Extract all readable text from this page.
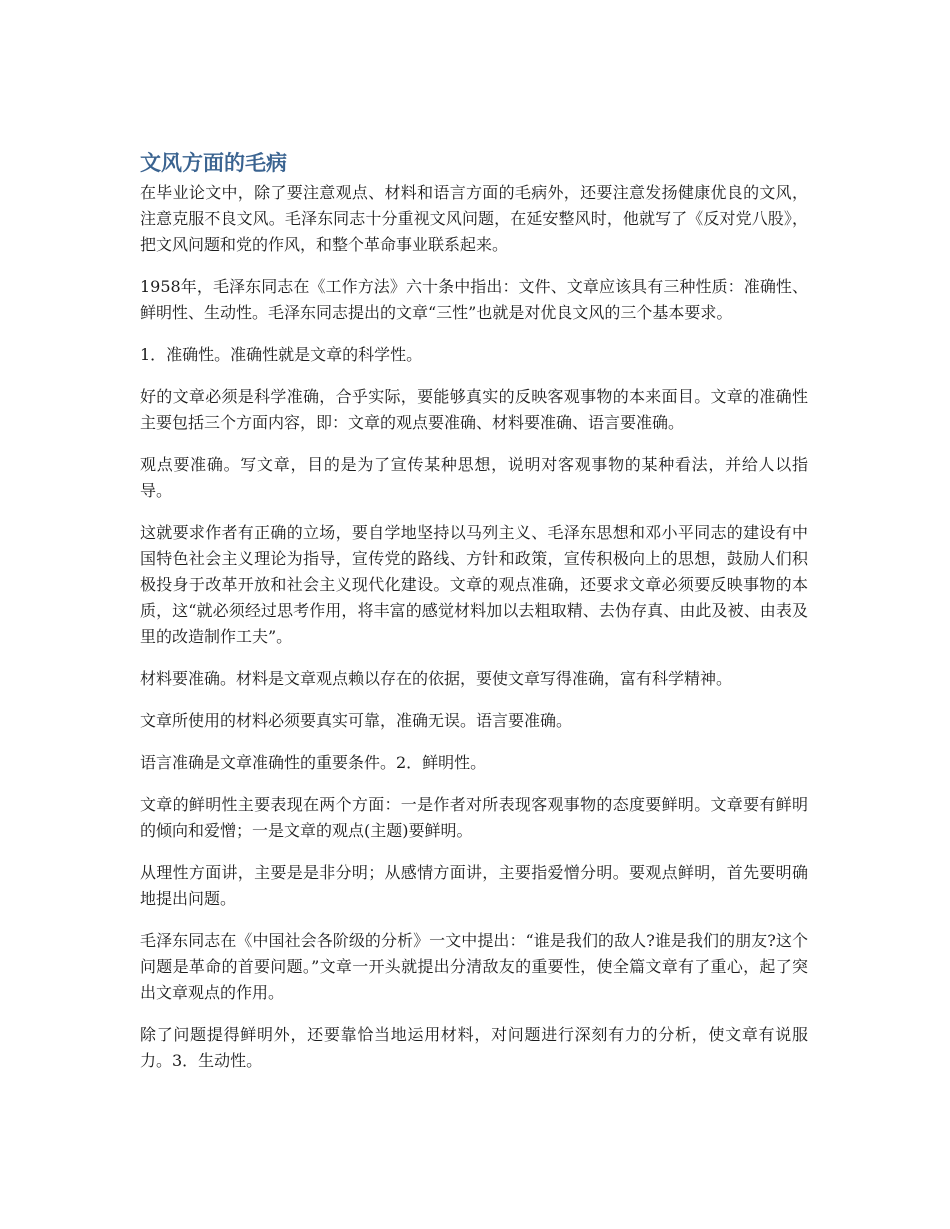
文风方面的毛病

在毕业论文中，除了要注意观点、材料和语言方面的毛病外，还要注意发扬健康优良的文风，注意克服不良文风。毛泽东同志十分重视文风问题，在延安整风时，他就写了《反对党八股》，把文风问题和党的作风，和整个革命事业联系起来。

1958年，毛泽东同志在《工作方法》六十条中指出：文件、文章应该具有三种性质：准确性、鲜明性、生动性。毛泽东同志提出的文章“三性”也就是对优良文风的三个基本要求。

1．准确性。准确性就是文章的科学性。

好的文章必须是科学准确，合乎实际，要能够真实的反映客观事物的本来面目。文章的准确性主要包括三个方面内容，即：文章的观点要准确、材料要准确、语言要准确。

观点要准确。写文章，目的是为了宣传某种思想，说明对客观事物的某种看法，并给人以指导。

这就要求作者有正确的立场，要自学地坚持以马列主义、毛泽东思想和邓小平同志的建设有中国特色社会主义理论为指导，宣传党的路线、方针和政策，宣传积极向上的思想，鼓励人们积极投身于改革开放和社会主义现代化建设。文章的观点准确，还要求文章必须要反映事物的本质，这“就必须经过思考作用，将丰富的感觉材料加以去粗取精、去伪存真、由此及被、由表及里的改造制作工夫”。

材料要准确。材料是文章观点赖以存在的依据，要使文章写得准确，富有科学精神。

文章所使用的材料必须要真实可靠，准确无误。语言要准确。

语言准确是文章准确性的重要条件。2．鲜明性。

文章的鲜明性主要表现在两个方面：一是作者对所表现客观事物的态度要鲜明。文章要有鲜明的倾向和爱憎；一是文章的观点(主题)要鲜明。

从理性方面讲，主要是是非分明；从感情方面讲，主要指爱憎分明。要观点鲜明，首先要明确地提出问题。

毛泽东同志在《中国社会各阶级的分析》一文中提出：“谁是我们的敌人?谁是我们的朋友?这个问题是革命的首要问题。”文章一开头就提出分清敌友的重要性，使全篇文章有了重心，起了突出文章观点的作用。

除了问题提得鲜明外，还要靠恰当地运用材料，对问题进行深刻有力的分析，使文章有说服力。3．生动性。
